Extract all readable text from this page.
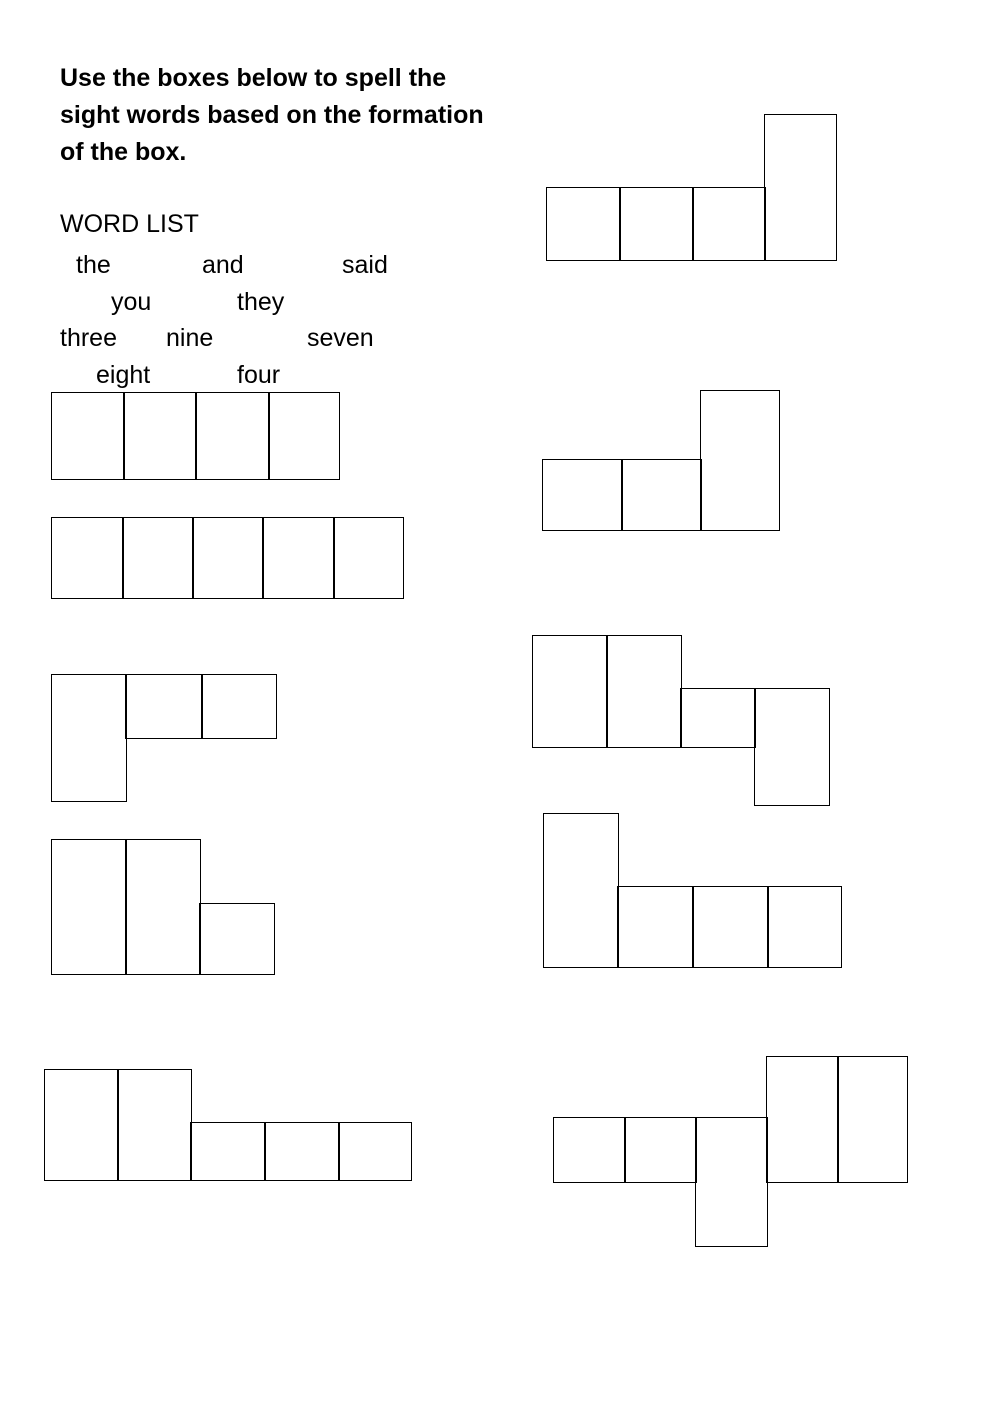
Use the boxes below to spell the sight words based on the formation of the box.
WORD LIST
the	and	said
you	they
three nine	seven
eight	four
